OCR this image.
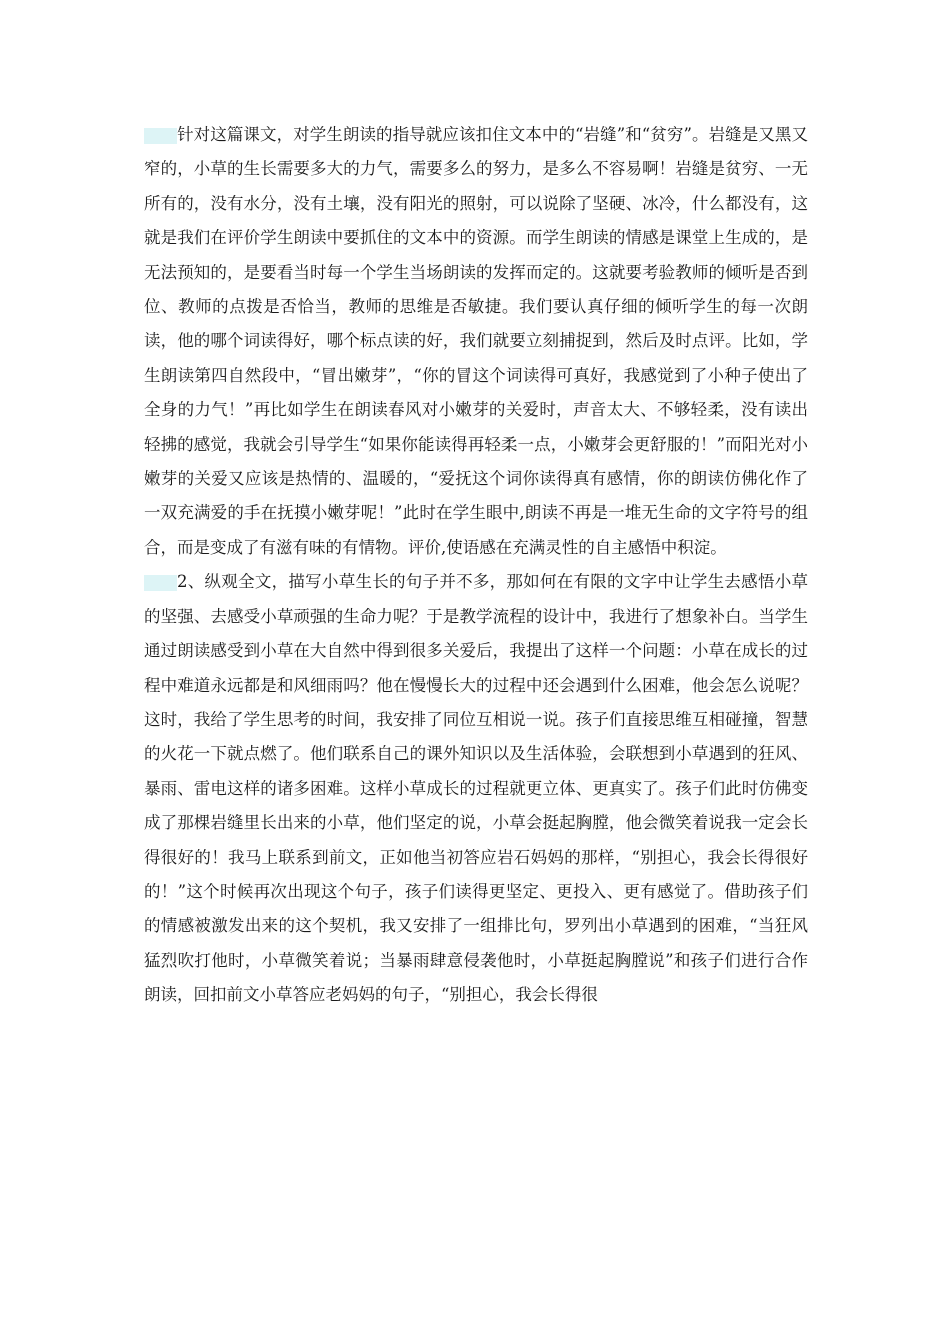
针对这篇课文，对学生朗读的指导就应该扣住文本中的“岩缝”和“贫穷”。岩缝是又黑又窄的，小草的生长需要多大的力气，需要多么的努力，是多么不容易啊！岩缝是贫穷、一无所有的，没有水分，没有土壤，没有阳光的照射，可以说除了坚硬、冰冷，什么都没有，这就是我们在评价学生朗读中要抓住的文本中的资源。而学生朗读的情感是课堂上生成的，是无法预知的，是要看当时每一个学生当场朗读的发挥而定的。这就要考验教师的倾听是否到位、教师的点拨是否恰当，教师的思维是否敏捷。我们要认真仔细的倾听学生的每一次朗读，他的哪个词读得好，哪个标点读的好，我们就要立刻捕捉到，然后及时点评。比如，学生朗读第四自然段中，“冒出嫩芽”，“你的冒这个词读得可真好，我感觉到了小种子使出了全身的力气！”再比如学生在朗读春风对小嫩芽的关爱时，声音太大、不够轻柔，没有读出轻拂的感觉，我就会引导学生“如果你能读得再轻柔一点，小嫩芽会更舒服的！”而阳光对小嫩芽的关爱又应该是热情的、温暖的，“爱抚这个词你读得真有感情，你的朗读仿佛化作了一双充满爱的手在抚摸小嫩芽呢！”此时在学生眼中,朗读不再是一堆无生命的文字符号的组合，而是变成了有滋有味的有情物。评价,使语感在充满灵性的自主感悟中积淀。

2、纵观全文，描写小草生长的句子并不多，那如何在有限的文字中让学生去感悟小草的坚强、去感受小草顽强的生命力呢？于是教学流程的设计中，我进行了想象补白。当学生通过朗读感受到小草在大自然中得到很多关爱后，我提出了这样一个问题：小草在成长的过程中难道永远都是和风细雨吗？他在慢慢长大的过程中还会遇到什么困难，他会怎么说呢？这时，我给了学生思考的时间，我安排了同位互相说一说。孩子们直接思维互相碰撞，智慧的火花一下就点燃了。他们联系自己的课外知识以及生活体验，会联想到小草遇到的狂风、暴雨、雷电这样的诸多困难。这样小草成长的过程就更立体、更真实了。孩子们此时仿佛变成了那棵岩缝里长出来的小草，他们坚定的说，小草会挺起胸膛，他会微笑着说我一定会长得很好的！我马上联系到前文，正如他当初答应岩石妈妈的那样，“别担心，我会长得很好的！”这个时候再次出现这个句子，孩子们读得更坚定、更投入、更有感觉了。借助孩子们的情感被激发出来的这个契机，我又安排了一组排比句，罗列出小草遇到的困难，“当狂风猛烈吹打他时，小草微笑着说；当暴雨肆意侵袭他时，小草挺起胸膛说”和孩子们进行合作朗读，回扣前文小草答应老妈妈的句子，“别担心，我会长得很
